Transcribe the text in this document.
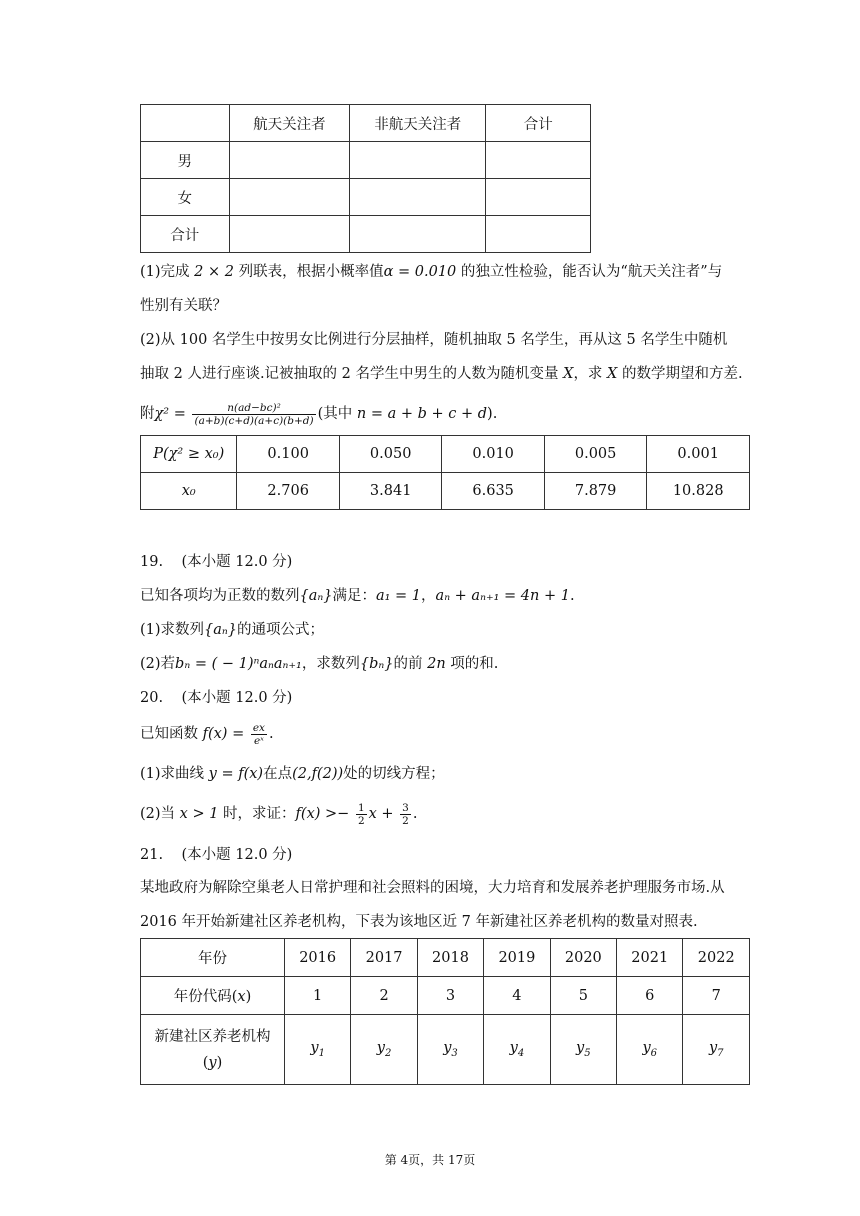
	航天关注者	非航天关注者	合计
男			
女			
合计			
(1)完成 2 × 2 列联表，根据小概率值α = 0.010 的独立性检验，能否认为“航天关注者”与
性别有关联？
(2)从 100 名学生中按男女比例进行分层抽样，随机抽取 5 名学生，再从这 5 名学生中随机
抽取 2 人进行座谈.记被抽取的 2 名学生中男生的人数为随机变量 X，求 X 的数学期望和方差.
附$\chi^2 = \frac{\text{n(ad−bc)²}}{(a+b)(c+d)(a+c)(b+d)}$ (其中 n = a + b + c + d).
P(χ² ≥ x₀)	0.100	0.050	0.010	0.005	0.001
x₀	2.706	3.841	6.635	7.879	10.828
19. (本小题 12.0 分)
已知各项均为正数的数列{aₙ}满足：a₁ = 1，aₙ + aₙ₊₁ = 4n + 1.
(1)求数列{aₙ}的通项公式；
(2)若bₙ = ( − 1)ⁿaₙaₙ₊₁，求数列{bₙ}的前 2n 项的和.
20. (本小题 12.0 分)
已知函数 $f(x) = \frac{ex}{\text{eˣ}}$ .
(1)求曲线 y = f(x)在点(2,f(2))处的切线方程；
(2)当 x > 1 时，求证：$f(x) >- \frac{1}{2}$ $x + \frac{3}{2}$ .
21. (本小题 12.0 分)
某地政府为解除空巢老人日常护理和社会照料的困境，大力培育和发展养老护理服务市场.从
2016 年开始新建社区养老机构，下表为该地区近 7 年新建社区养老机构的数量对照表.
年份	2016	2017	2018	2019	2020	2021	2022
年份代码(x)	1	2	3	4	5	6	7
新建社区养老机构
(y)	$y_1$	$y_2$	$y_3$	$y_4$	$y_5$	$y_6$	$y_7$
第 4页，共 17页
